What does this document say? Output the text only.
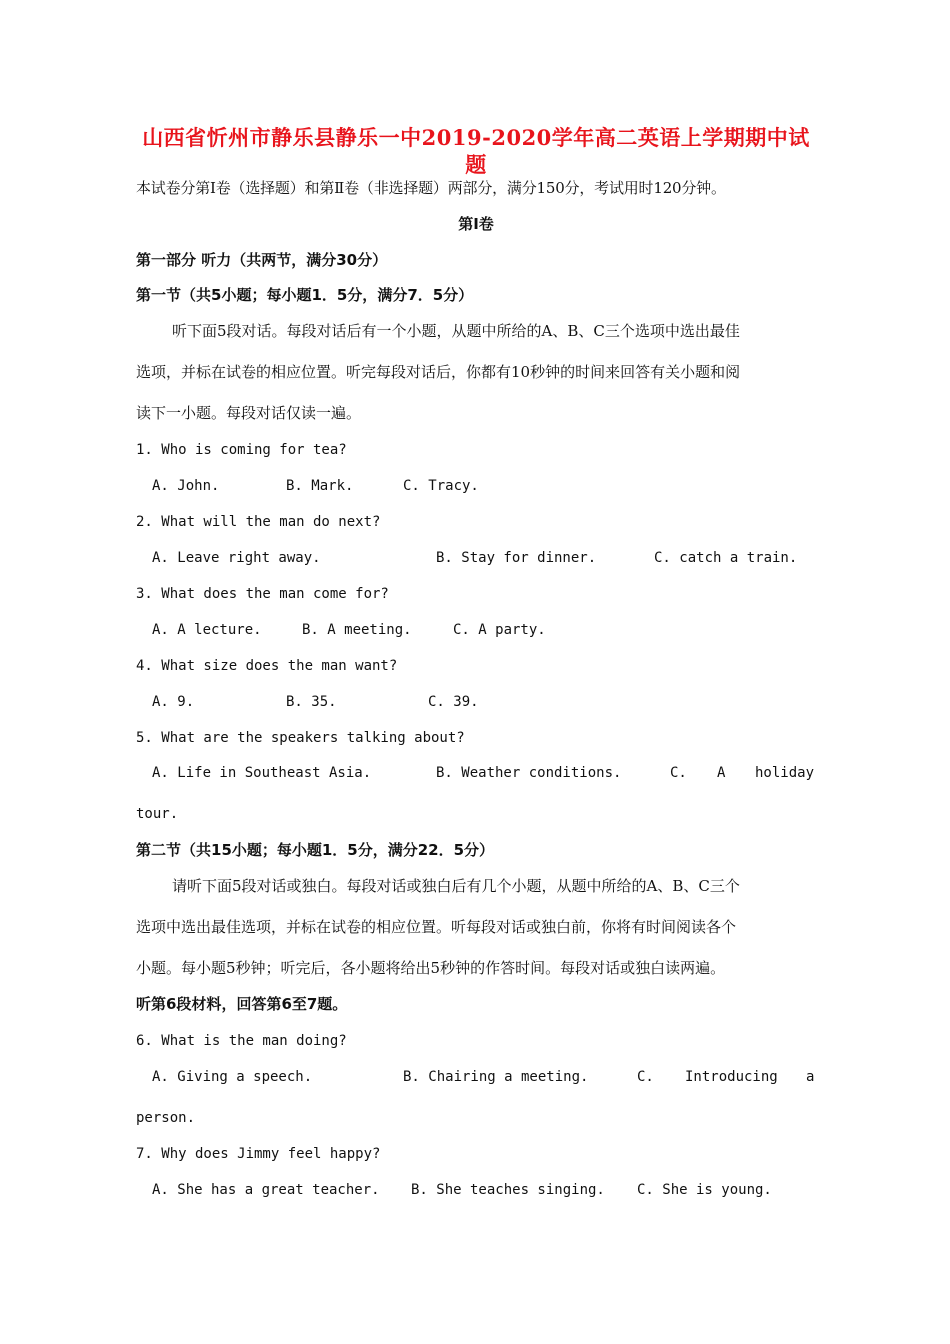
山西省忻州市静乐县静乐一中2019-2020学年高二英语上学期期中试
题
本试卷分第Ⅰ卷（选择题）和第Ⅱ卷（非选择题）两部分，满分150分，考试用时120分钟。
第Ⅰ卷
第一部分 听力（共两节，满分30分）
第一节（共5小题；每小题1．5分，满分7．5分）
听下面5段对话。每段对话后有一个小题，从题中所给的A、B、C三个选项中选出最佳
选项，并标在试卷的相应位置。听完每段对话后，你都有10秒钟的时间来回答有关小题和阅
读下一小题。每段对话仅读一遍。
1. Who is coming for tea?
A. John.	B. Mark.	C. Tracy.
2. What will the man do next?
A. Leave right away.	B. Stay for dinner.	C. catch a train.
3. What does the man come for?
A. A lecture.	B. A meeting.	C. A party.
4. What size does the man want?
A. 9.	B. 35.	C. 39.
5. What are the speakers talking about?
A. Life in Southeast Asia.	B. Weather conditions.	C. A holiday
tour.
第二节（共15小题；每小题1．5分，满分22．5分）
请听下面5段对话或独白。每段对话或独白后有几个小题，从题中所给的A、B、C三个
选项中选出最佳选项，并标在试卷的相应位置。听每段对话或独白前，你将有时间阅读各个
小题。每小题5秒钟；听完后，各小题将给出5秒钟的作答时间。每段对话或独白读两遍。
听第6段材料，回答第6至7题。
6. What is the man doing?
A. Giving a speech.	B. Chairing a meeting.	C. Introducing a
person.
7. Why does Jimmy feel happy?
A. She has a great teacher. B. She teaches singing. C. She is young.
